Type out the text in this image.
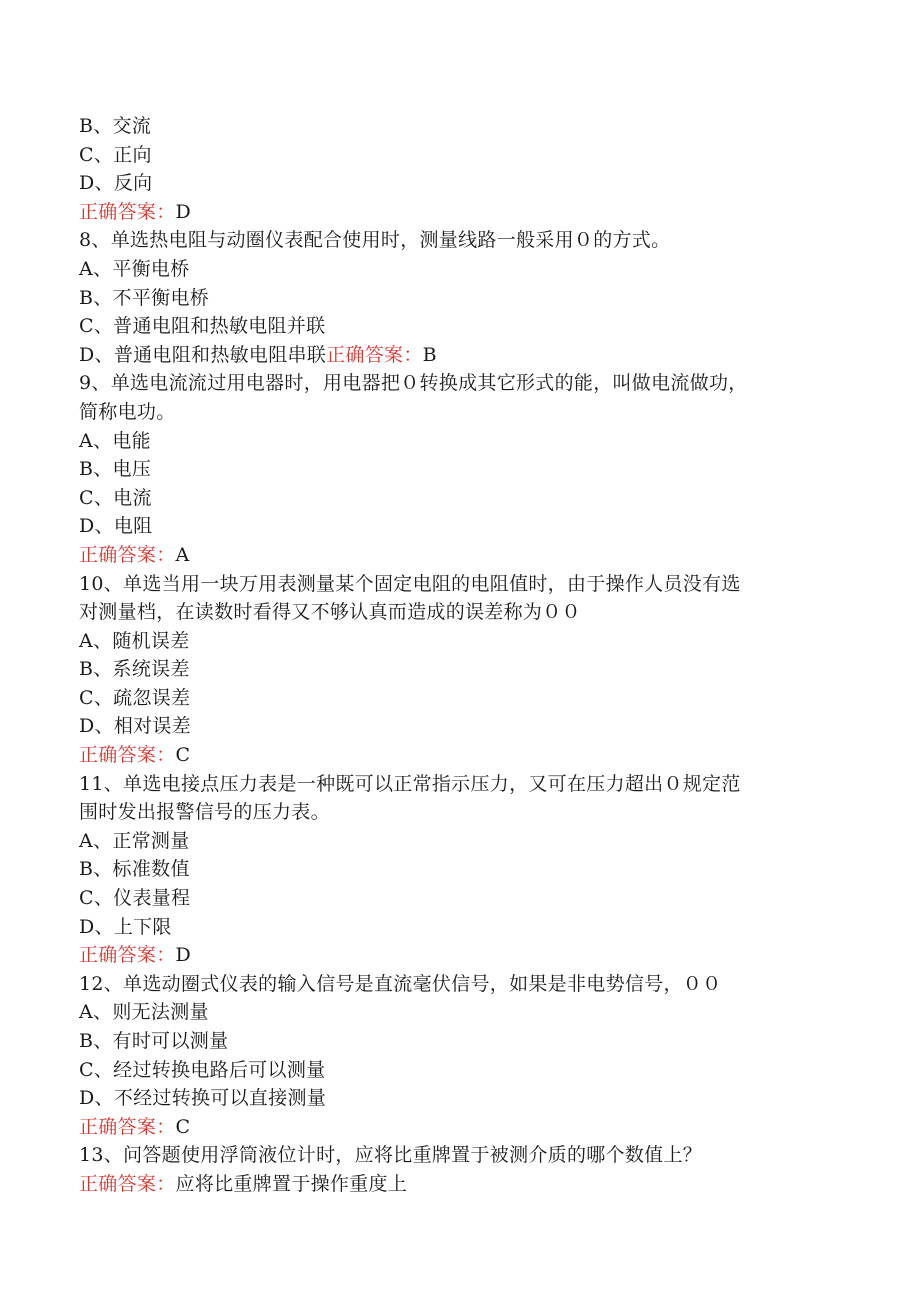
B、交流
C、正向
D、反向
正确答案：D
8、单选热电阻与动圈仪表配合使用时，测量线路一般采用０的方式。
A、平衡电桥
B、不平衡电桥
C、普通电阻和热敏电阻并联
D、普通电阻和热敏电阻串联正确答案：B
9、单选电流流过用电器时，用电器把０转换成其它形式的能，叫做电流做功，
简称电功。
A、电能
B、电压
C、电流
D、电阻
正确答案：A
10、单选当用一块万用表测量某个固定电阻的电阻值时，由于操作人员没有选
对测量档，在读数时看得又不够认真而造成的误差称为００
A、随机误差
B、系统误差
C、疏忽误差
D、相对误差
正确答案：C
11、单选电接点压力表是一种既可以正常指示压力，又可在压力超出０规定范
围时发出报警信号的压力表。
A、正常测量
B、标准数值
C、仪表量程
D、上下限
正确答案：D
12、单选动圈式仪表的输入信号是直流毫伏信号，如果是非电势信号，００
A、则无法测量
B、有时可以测量
C、经过转换电路后可以测量
D、不经过转换可以直接测量
正确答案：C
13、问答题使用浮筒液位计时，应将比重牌置于被测介质的哪个数值上？
正确答案：应将比重牌置于操作重度上
